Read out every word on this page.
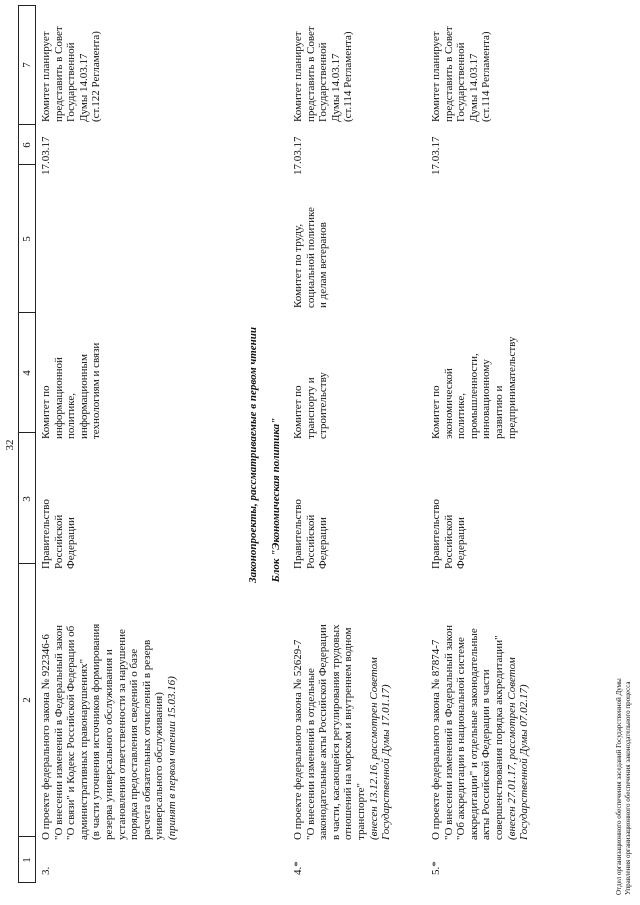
32
1
2
3
4
5
6
7
3.
О проекте федерального закона № 922346-6 "О внесении изменений в Федеральный закон "О связи" и Кодекс Российской Федерации об административных правонарушениях" (в части уточнения источников формирования резерва универсального обслуживания и установления ответственности за нарушение порядка предоставления сведений о базе расчета обязательных отчислений в резерв универсального обслуживания) (принят в первом чтении 15.03.16)
Правительство Российской Федерации
Комитет по информационной политике, информационным технологиям и связи
17.03.17
Комитет планирует представить в Совет Государственной Думы 14.03.17 (ст.122 Регламента)
Законопроекты, рассматриваемые в первом чтении Блок "Экономическая политика"
4.*
О проекте федерального закона № 52629-7 "О внесении изменений в отдельные законодательные акты Российской Федерации в части, касающейся регулирования трудовых отношений на морском и внутреннем водном транспорте" (внесен 13.12.16, рассмотрен Советом Государственной Думы 17.01.17)
Правительство Российской Федерации
Комитет по транспорту и строительству
Комитет по труду, социальной политике и делам ветеранов
17.03.17
Комитет планирует представить в Совет Государственной Думы 14.03.17 (ст.114 Регламента)
5.*
О проекте федерального закона № 87874-7 "О внесении изменений в Федеральный закон "Об аккредитации в национальной системе аккредитации" и отдельные законодательные акты Российской Федерации в части совершенствования порядка аккредитации" (внесен 27.01.17, рассмотрен Советом Государственной Думы 07.02.17)
Правительство Российской Федерации
Комитет по экономической политике, промышленности, инновационному развитию и предпринимательству
17.03.17
Комитет планирует представить в Совет Государственной Думы 14.03.17 (ст.114 Регламента)
Отдел организационного обеспечения заседаний Государственной Думы Управления организационного обеспечения законодательного процесса
